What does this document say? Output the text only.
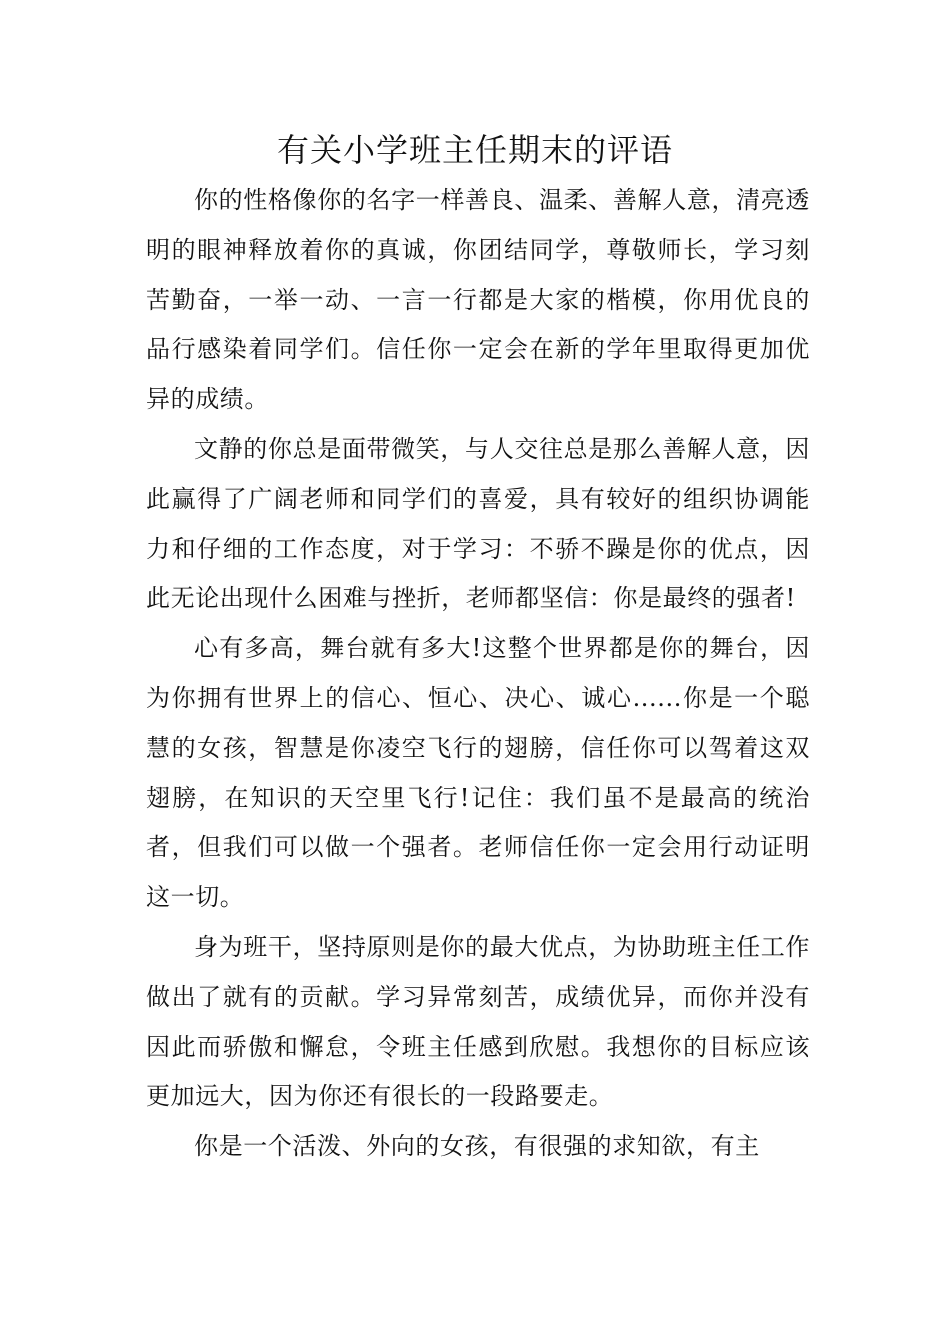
有关小学班主任期末的评语

你的性格像你的名字一样善良、温柔、善解人意，清亮透明的眼神释放着你的真诚，你团结同学，尊敬师长，学习刻苦勤奋，一举一动、一言一行都是大家的楷模，你用优良的品行感染着同学们。信任你一定会在新的学年里取得更加优异的成绩。

文静的你总是面带微笑，与人交往总是那么善解人意，因此赢得了广阔老师和同学们的喜爱，具有较好的组织协调能力和仔细的工作态度，对于学习：不骄不躁是你的优点，因此无论出现什么困难与挫折，老师都坚信：你是最终的强者!

心有多高，舞台就有多大!这整个世界都是你的舞台，因为你拥有世界上的信心、恒心、决心、诚心......你是一个聪慧的女孩，智慧是你凌空飞行的翅膀，信任你可以驾着这双翅膀，在知识的天空里飞行!记住：我们虽不是最高的统治者，但我们可以做一个强者。老师信任你一定会用行动证明这一切。

身为班干，坚持原则是你的最大优点，为协助班主任工作做出了就有的贡献。学习异常刻苦，成绩优异，而你并没有因此而骄傲和懈怠，令班主任感到欣慰。我想你的目标应该更加远大，因为你还有很长的一段路要走。

你是一个活泼、外向的女孩，有很强的求知欲，有主
